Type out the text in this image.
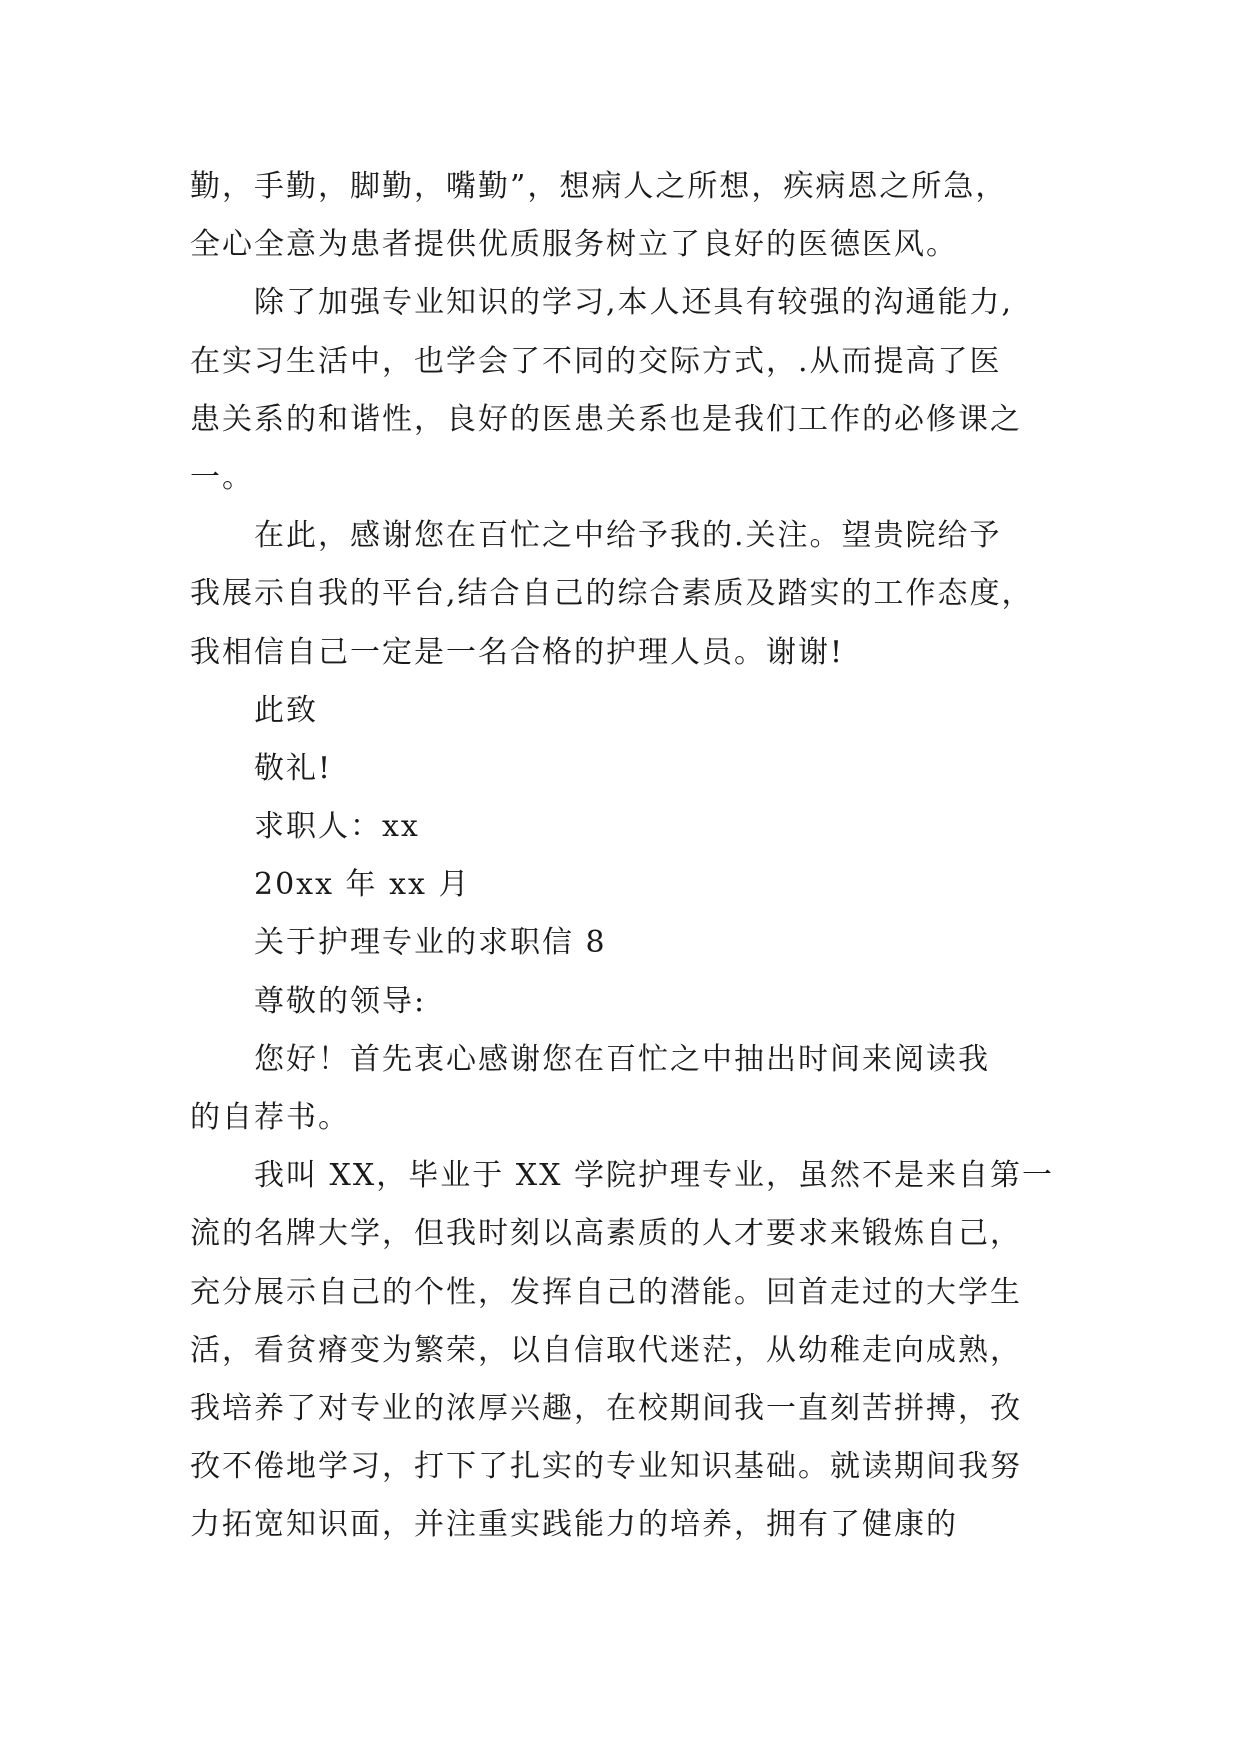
勤，手勤，脚勤，嘴勤”，想病人之所想，疾病恩之所急，
全心全意为患者提供优质服务树立了良好的医德医风。
除了加强专业知识的学习,本人还具有较强的沟通能力,
在实习生活中，也学会了不同的交际方式，.从而提高了医
患关系的和谐性，良好的医患关系也是我们工作的必修课之
一。
在此，感谢您在百忙之中给予我的.关注。望贵院给予
我展示自我的平台,结合自己的综合素质及踏实的工作态度，
我相信自己一定是一名合格的护理人员。谢谢!
此致
敬礼!
求职人：xx
20xx 年 xx 月
关于护理专业的求职信 8
尊敬的领导:
您好！首先衷心感谢您在百忙之中抽出时间来阅读我
的自荐书。
我叫 XX，毕业于 XX 学院护理专业，虽然不是来自第一
流的名牌大学，但我时刻以高素质的人才要求来锻炼自己，
充分展示自己的个性，发挥自己的潜能。回首走过的大学生
活，看贫瘠变为繁荣，以自信取代迷茫，从幼稚走向成熟，
我培养了对专业的浓厚兴趣，在校期间我一直刻苦拼搏，孜
孜不倦地学习，打下了扎实的专业知识基础。就读期间我努
力拓宽知识面，并注重实践能力的培养，拥有了健康的
